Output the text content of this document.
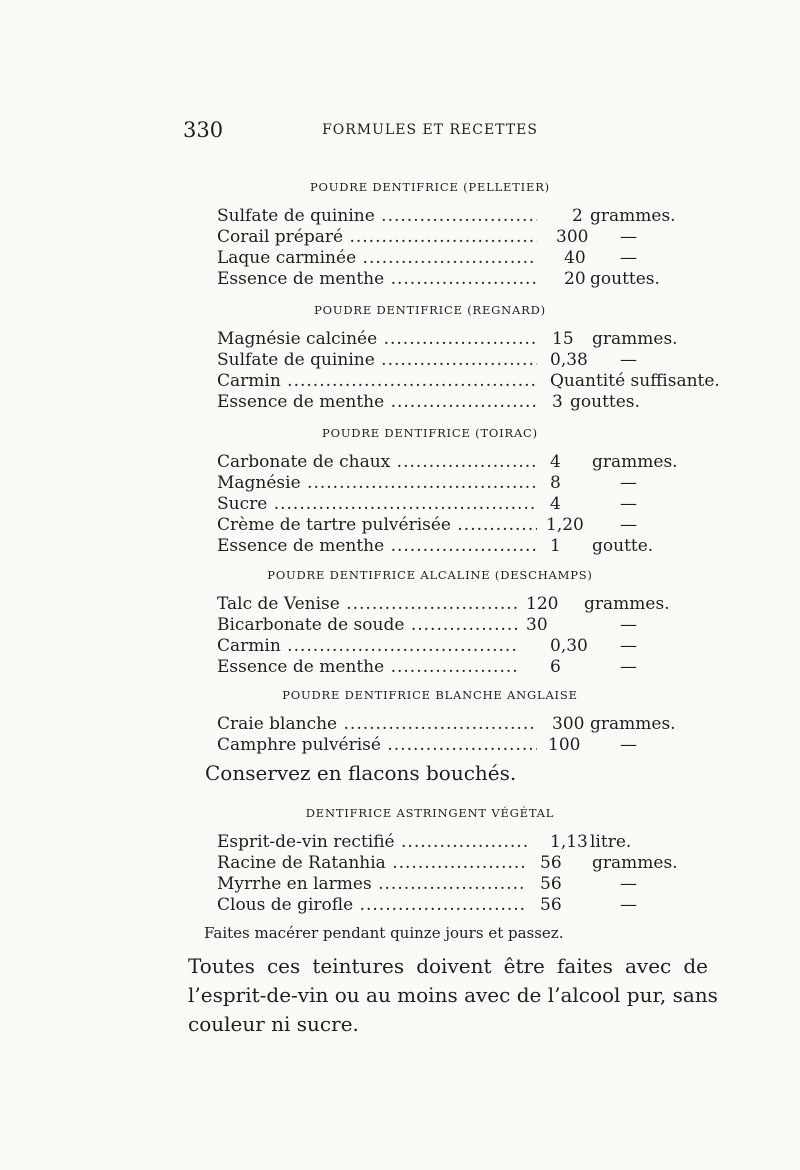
330	FORMULES ET RECETTES
POUDRE DENTIFRICE (PELLETIER)
Sulfate de quinine .....	2 grammes.
Corail préparé .....	300 —
Laque carminée .....	40 —
Essence de menthe .....	20 gouttes.
POUDRE DENTIFRICE (REGNARD)
Magnésie calcinée .....	15 grammes.
Sulfate de quinine .....	0,38 —
Carmin .....	Quantité suffisante.
Essence de menthe .....	3 gouttes.
POUDRE DENTIFRICE (TOIRAC)
Carbonate de chaux .....	4 grammes.
Magnésie .....	8	—
Sucre .....	4	—
Crème de tartre pulvérisée .....	1,20 —
Essence de menthe .....	1 goutte.
POUDRE DENTIFRICE ALCALINE (DESCHAMPS)
Talc de Venise .....	120 grammes.
Bicarbonate de soude .....	30	—
Carmin .....	0,30 —
Essence de menthe .....	6	—
POUDRE DENTIFRICE BLANCHE ANGLAISE
Craie blanche .....	300 grammes.
Camphre pulvérisé .....	100 —
Conservez en flacons bouchés.
DENTIFRICE ASTRINGENT VÉGÉTAL
Esprit-de-vin rectifié .....	1,13 litre.
Racine de Ratanhia .....	56 grammes.
Myrrhe en larmes .....	56	—
Clous de girofle .....	56	—
Faites macérer pendant quinze jours et passez.
Toutes ces teintures doivent être faites avec de
l’esprit-de-vin ou au moins avec de l’alcool pur, sans
couleur ni sucre.
